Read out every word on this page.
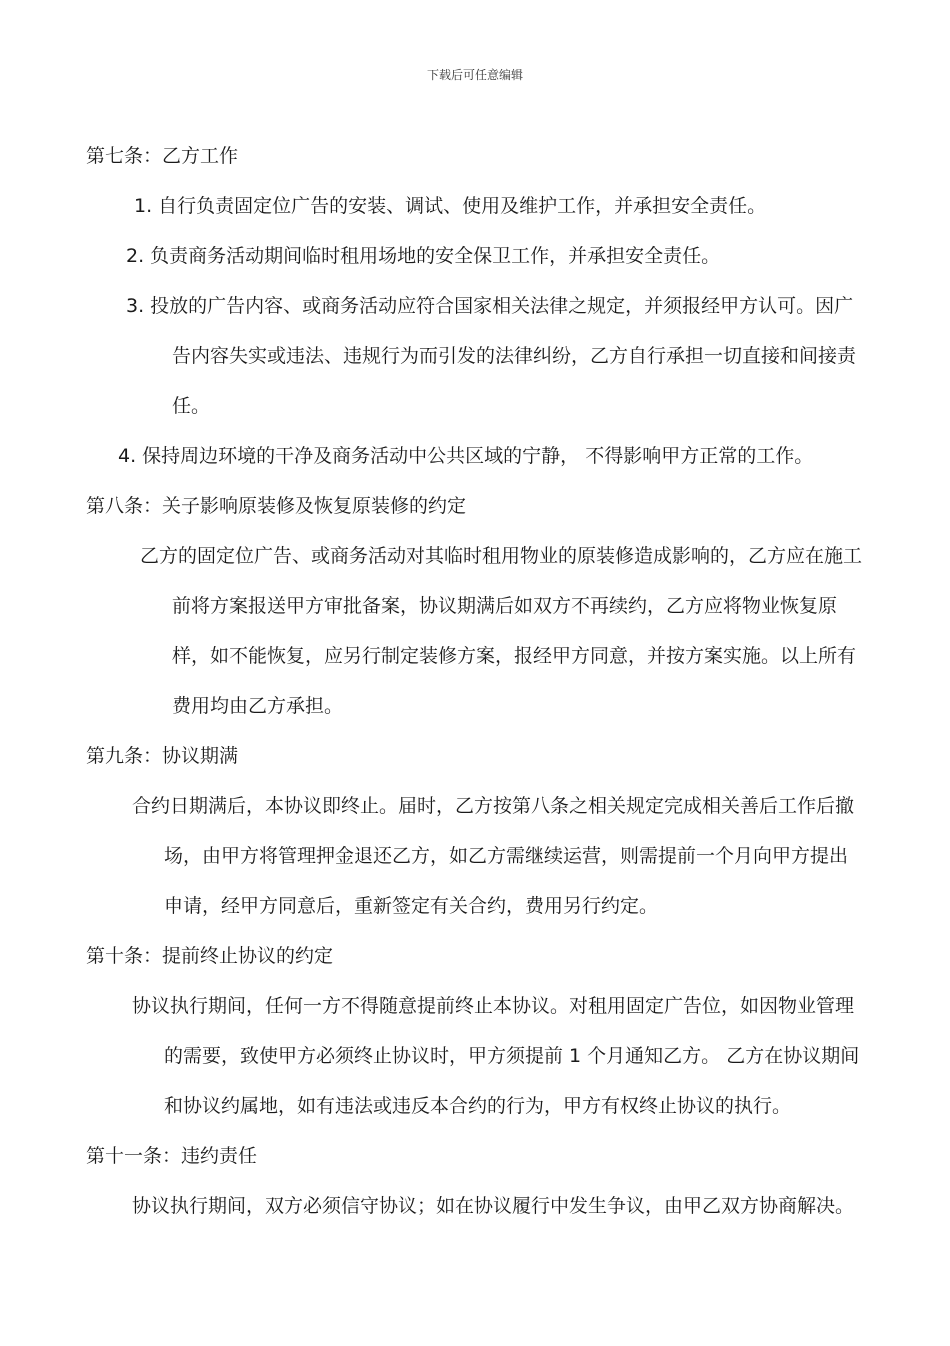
下载后可任意编辑
第七条：乙方工作
1. 自行负责固定位广告的安装、调试、使用及维护工作，并承担安全责任。
2. 负责商务活动期间临时租用场地的安全保卫工作，并承担安全责任。
3. 投放的广告内容、或商务活动应符合国家相关法律之规定，并须报经甲方认可。因广告内容失实或违法、违规行为而引发的法律纠纷，乙方自行承担一切直接和间接责任。
4. 保持周边环境的干净及商务活动中公共区域的宁静， 不得影响甲方正常的工作。
第八条：关子影响原装修及恢复原装修的约定
乙方的固定位广告、或商务活动对其临时租用物业的原装修造成影响的，乙方应在施工前将方案报送甲方审批备案，协议期满后如双方不再续约，乙方应将物业恢复原样，如不能恢复，应另行制定装修方案，报经甲方同意，并按方案实施。以上所有费用均由乙方承担。
第九条：协议期满
合约日期满后，本协议即终止。届时，乙方按第八条之相关规定完成相关善后工作后撤场，由甲方将管理押金退还乙方，如乙方需继续运营，则需提前一个月向甲方提出申请，经甲方同意后，重新签定有关合约，费用另行约定。
第十条：提前终止协议的约定
协议执行期间，任何一方不得随意提前终止本协议。对租用固定广告位，如因物业管理的需要，致使甲方必须终止协议时，甲方须提前 1 个月通知乙方。 乙方在协议期间和协议约属地，如有违法或违反本合约的行为，甲方有权终止协议的执行。
第十一条：违约责任
协议执行期间，双方必须信守协议；如在协议履行中发生争议，由甲乙双方协商解决。
